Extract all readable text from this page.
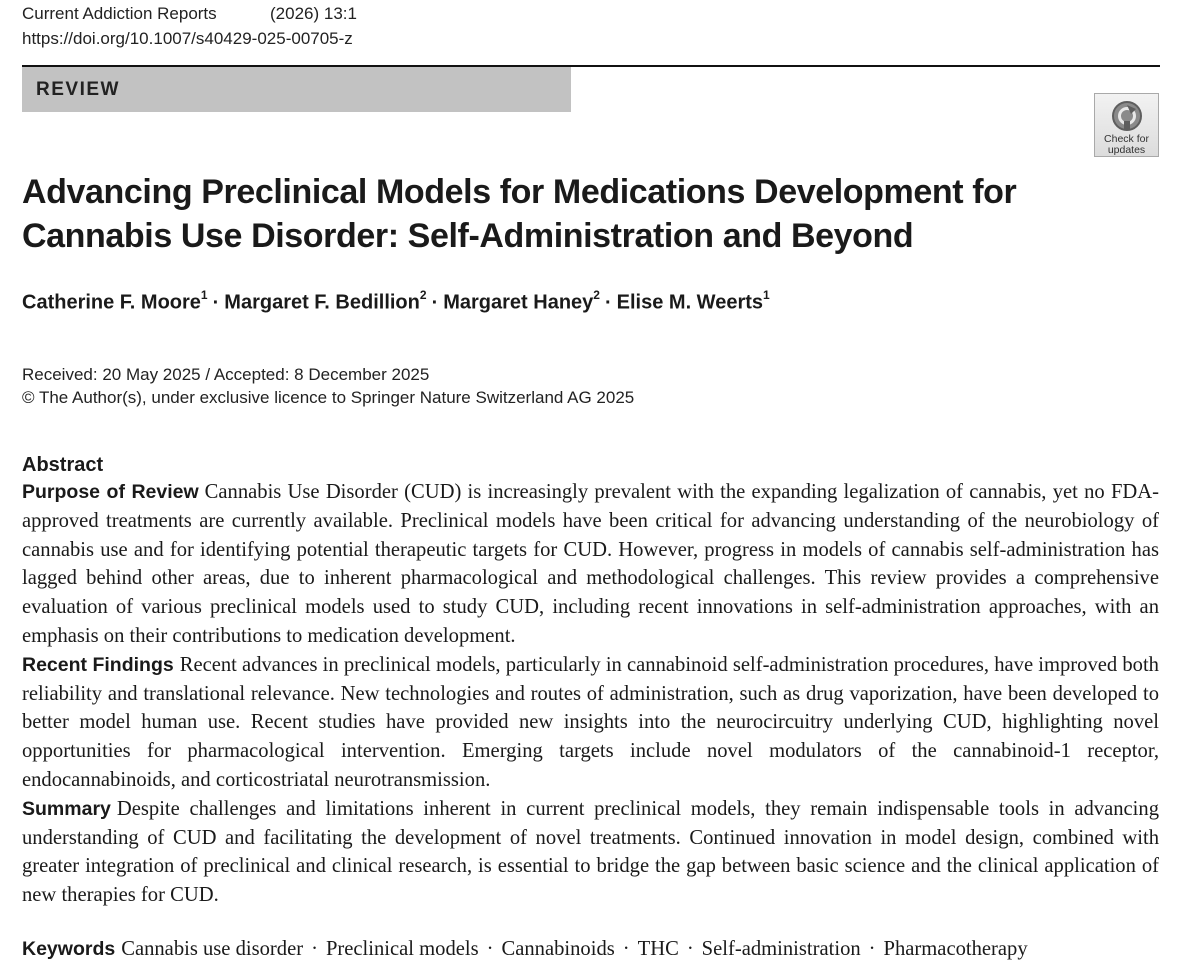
Current Addiction Reports	(2026) 13:1
https://doi.org/10.1007/s40429-025-00705-z
REVIEW
Check for
updates
Advancing Preclinical Models for Medications Development for Cannabis Use Disorder: Self-Administration and Beyond
Catherine F. Moore$^1$ · Margaret F. Bedillion$^2$ · Margaret Haney$^2$ · Elise M. Weerts$^1$
Received: 20 May 2025 / Accepted: 8 December 2025
© The Author(s), under exclusive licence to Springer Nature Switzerland AG 2025
Abstract

Purpose of Review Cannabis Use Disorder (CUD) is increasingly prevalent with the expanding legalization of cannabis, yet no FDA-approved treatments are currently available. Preclinical models have been critical for advancing understanding of the neurobiology of cannabis use and for identifying potential therapeutic targets for CUD. However, progress in models of cannabis self-administration has lagged behind other areas, due to inherent pharmacological and methodological challenges. This review provides a comprehensive evaluation of various preclinical models used to study CUD, including recent innovations in self-administration approaches, with an emphasis on their contributions to medication development.

Recent Findings Recent advances in preclinical models, particularly in cannabinoid self-administration procedures, have improved both reliability and translational relevance. New technologies and routes of administration, such as drug vaporization, have been developed to better model human use. Recent studies have provided new insights into the neurocircuitry underlying CUD, highlighting novel opportunities for pharmacological intervention. Emerging targets include novel modulators of the cannabinoid-1 receptor, endocannabinoids, and corticostriatal neurotransmission.

Summary Despite challenges and limitations inherent in current preclinical models, they remain indispensable tools in advancing understanding of CUD and facilitating the development of novel treatments. Continued innovation in model design, combined with greater integration of preclinical and clinical research, is essential to bridge the gap between basic science and the clinical application of new therapies for CUD.

Keywords Cannabis use disorder · Preclinical models · Cannabinoids · THC · Self-administration · Pharmacotherapy
